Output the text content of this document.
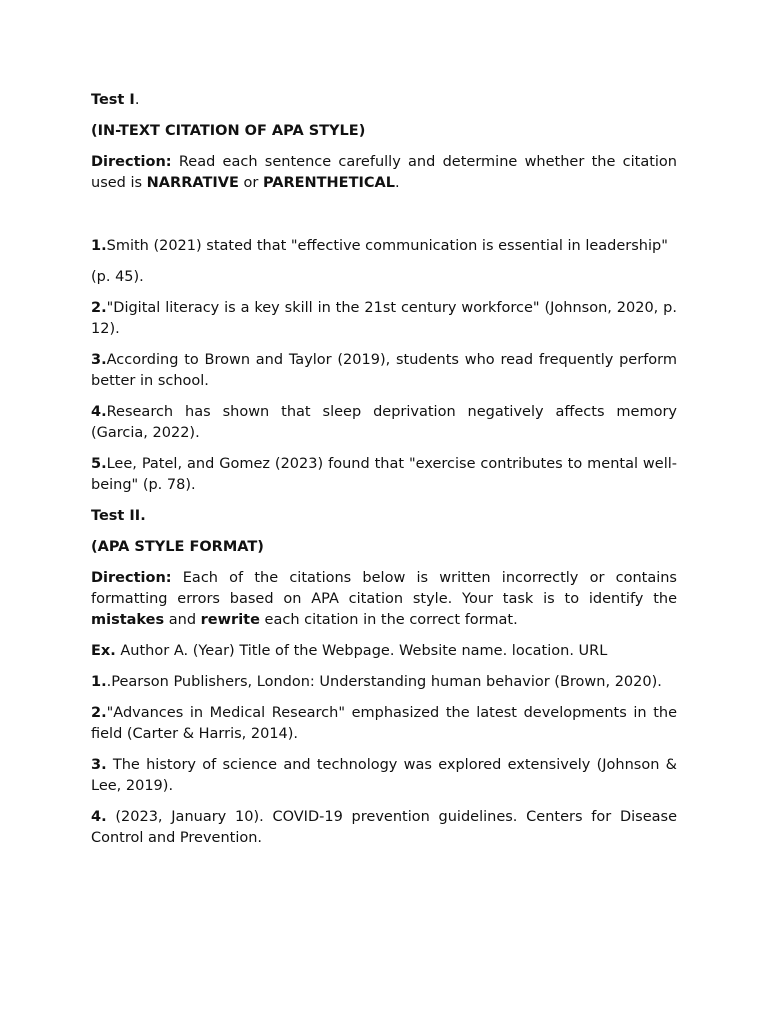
Test I.

(IN-TEXT CITATION OF APA STYLE)

Direction: Read each sentence carefully and determine whether the citation used is NARRATIVE or PARENTHETICAL.

1.Smith (2021) stated that "effective communication is essential in leadership"

(p. 45).

2."Digital literacy is a key skill in the 21st century workforce" (Johnson, 2020, p. 12).

3.According to Brown and Taylor (2019), students who read frequently perform better in school.

4.Research has shown that sleep deprivation negatively affects memory (Garcia, 2022).

5.Lee, Patel, and Gomez (2023) found that "exercise contributes to mental well-being" (p. 78).

Test II.

(APA STYLE FORMAT)

Direction: Each of the citations below is written incorrectly or contains formatting errors based on APA citation style. Your task is to identify the mistakes and rewrite each citation in the correct format.

Ex. Author A. (Year) Title of the Webpage. Website name. location. URL

1..Pearson Publishers, London: Understanding human behavior (Brown, 2020).

2."Advances in Medical Research" emphasized the latest developments in the field (Carter & Harris, 2014).

3. The history of science and technology was explored extensively (Johnson & Lee, 2019).

4. (2023, January 10). COVID-19 prevention guidelines. Centers for Disease Control and Prevention.
